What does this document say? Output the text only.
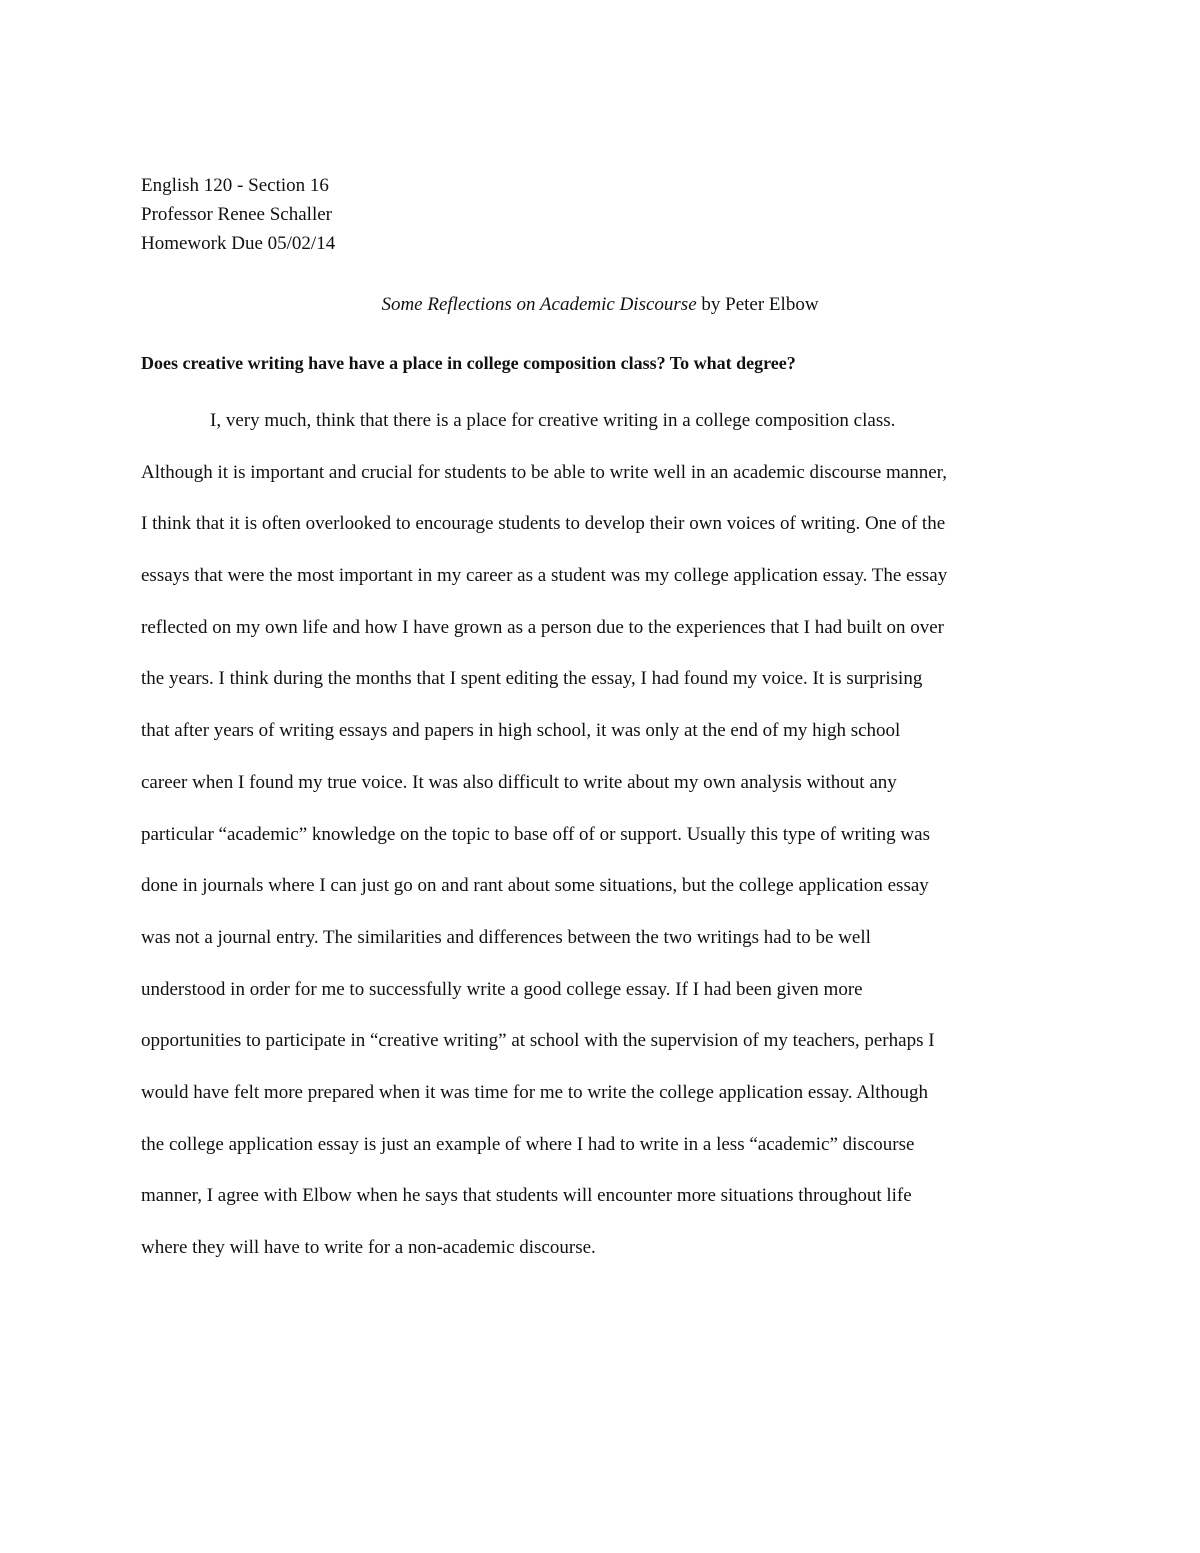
English 120 - Section 16
Professor Renee Schaller
Homework Due 05/02/14
Some Reflections on Academic Discourse by Peter Elbow
Does creative writing have have a place in college composition class? To what degree?
I, very much, think that there is a place for creative writing in a college composition class.
Although it is important and crucial for students to be able to write well in an academic discourse manner,
I think that it is often overlooked to encourage students to develop their own voices of writing. One of the
essays that were the most important in my career as a student was my college application essay. The essay
reflected on my own life and how I have grown as a person due to the experiences that I had built on over
the years. I think during the months that I spent editing the essay, I had found my voice. It is surprising
that after years of writing essays and papers in high school, it was only at the end of my high school
career when I found my true voice. It was also difficult to write about my own analysis without any
particular “academic” knowledge on the topic to base off of or support. Usually this type of writing was
done in journals where I can just go on and rant about some situations, but the college application essay
was not a journal entry. The similarities and differences between the two writings had to be well
understood in order for me to successfully write a good college essay. If I had been given more
opportunities to participate in “creative writing” at school with the supervision of my teachers, perhaps I
would have felt more prepared when it was time for me to write the college application essay. Although
the college application essay is just an example of where I had to write in a less “academic” discourse
manner, I agree with Elbow when he says that students will encounter more situations throughout life
where they will have to write for a non-academic discourse.
